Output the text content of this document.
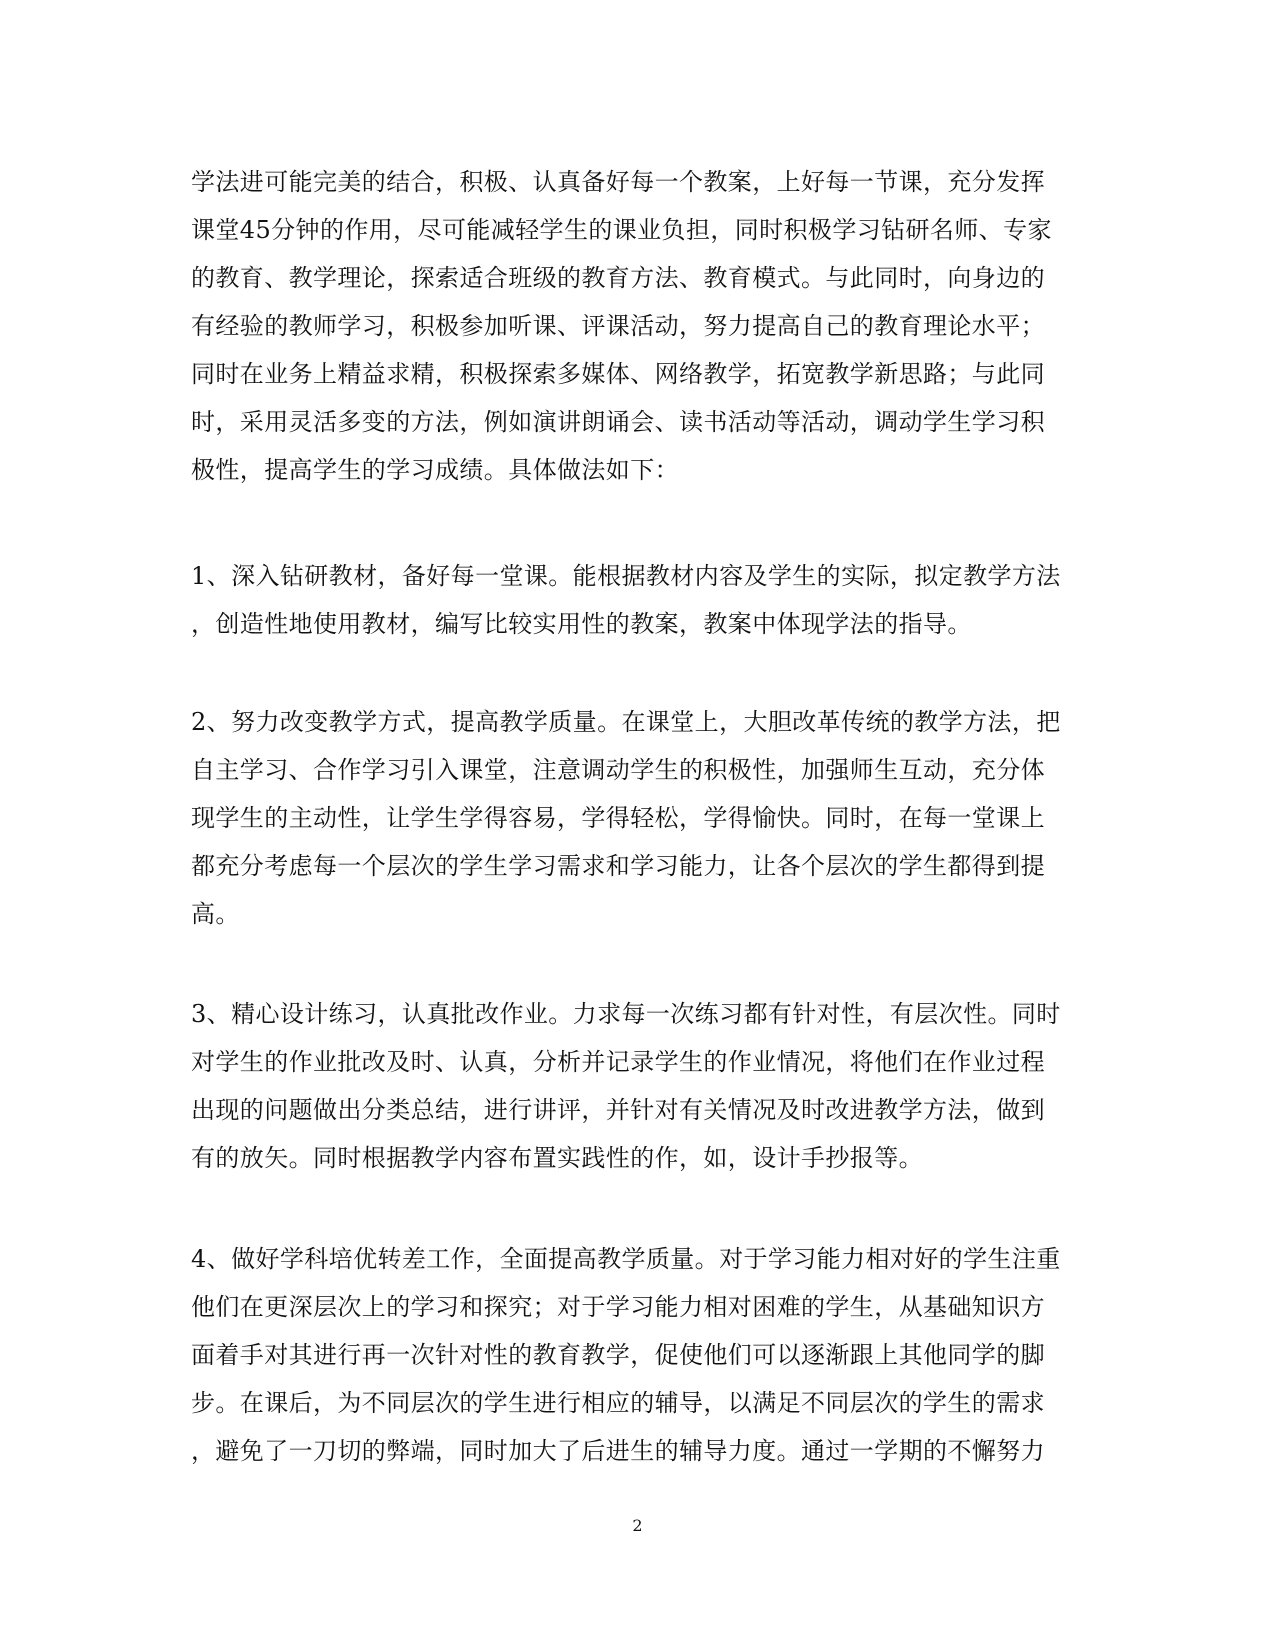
学法进可能完美的结合，积极、认真备好每一个教案，上好每一节课，充分发挥
课堂45分钟的作用，尽可能减轻学生的课业负担，同时积极学习钻研名师、专家
的教育、教学理论，探索适合班级的教育方法、教育模式。与此同时，向身边的
有经验的教师学习，积极参加听课、评课活动，努力提高自己的教育理论水平；
同时在业务上精益求精，积极探索多媒体、网络教学，拓宽教学新思路；与此同
时，采用灵活多变的方法，例如演讲朗诵会、读书活动等活动，调动学生学习积
极性，提高学生的学习成绩。具体做法如下：
1、深入钻研教材，备好每一堂课。能根据教材内容及学生的实际，拟定教学方法
，创造性地使用教材，编写比较实用性的教案，教案中体现学法的指导。
2、努力改变教学方式，提高教学质量。在课堂上，大胆改革传统的教学方法，把
自主学习、合作学习引入课堂，注意调动学生的积极性，加强师生互动，充分体
现学生的主动性，让学生学得容易，学得轻松，学得愉快。同时，在每一堂课上
都充分考虑每一个层次的学生学习需求和学习能力，让各个层次的学生都得到提
高。
3、精心设计练习，认真批改作业。力求每一次练习都有针对性，有层次性。同时
对学生的作业批改及时、认真，分析并记录学生的作业情况，将他们在作业过程
出现的问题做出分类总结，进行讲评，并针对有关情况及时改进教学方法，做到
有的放矢。同时根据教学内容布置实践性的作，如，设计手抄报等。
4、做好学科培优转差工作，全面提高教学质量。对于学习能力相对好的学生注重
他们在更深层次上的学习和探究；对于学习能力相对困难的学生，从基础知识方
面着手对其进行再一次针对性的教育教学，促使他们可以逐渐跟上其他同学的脚
步。在课后，为不同层次的学生进行相应的辅导，以满足不同层次的学生的需求
，避免了一刀切的弊端，同时加大了后进生的辅导力度。通过一学期的不懈努力
2
